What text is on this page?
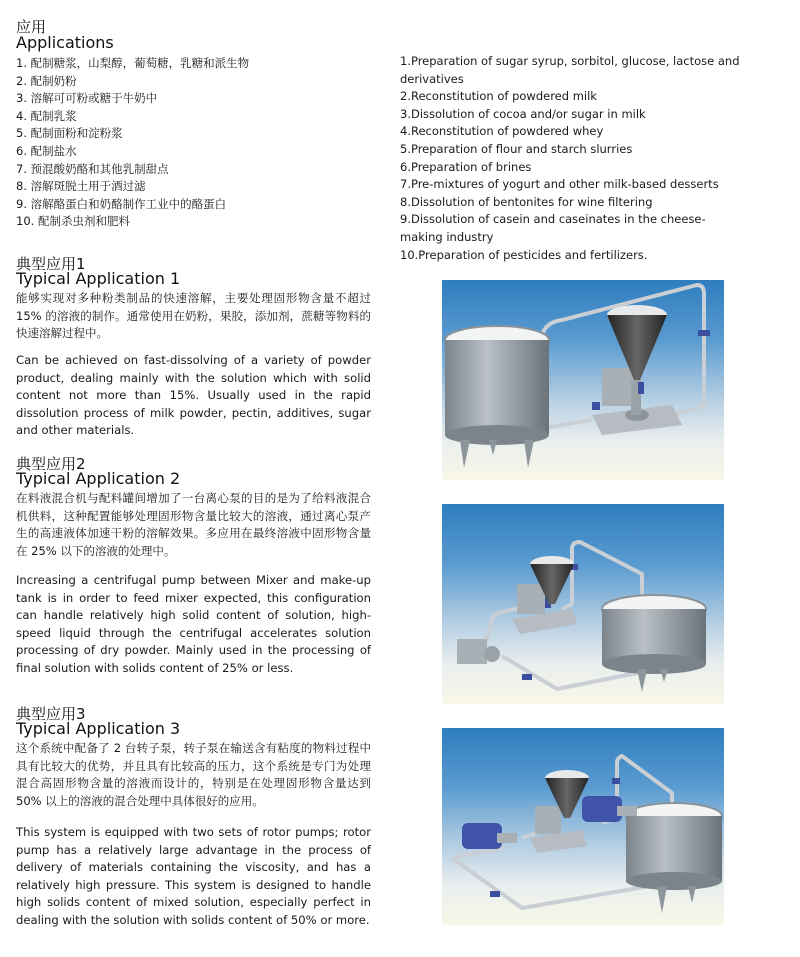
应用
Applications
1. 配制糖浆，山梨醇，葡萄糖，乳糖和派生物
2. 配制奶粉
3. 溶解可可粉或糖于牛奶中
4. 配制乳浆
5. 配制面粉和淀粉浆
6. 配制盐水
7. 预混酸奶酪和其他乳制甜点
8. 溶解斑脱土用于酒过滤
9. 溶解酪蛋白和奶酪制作工业中的酪蛋白
10. 配制杀虫剂和肥料
1.Preparation of sugar syrup, sorbitol, glucose, lactose and derivatives
2.Reconstitution of powdered milk
3.Dissolution of cocoa and/or sugar in milk
4.Reconstitution of powdered whey
5.Preparation of flour and starch slurries
6.Preparation of brines
7.Pre-mixtures of yogurt and other milk-based desserts
8.Dissolution of bentonites for wine filtering
9.Dissolution of casein and caseinates in the cheese-making industry
10.Preparation of pesticides and fertilizers.
典型应用1
Typical Application 1

能够实现对多种粉类制品的快速溶解，主要处理固形物含量不超过 15% 的溶液的制作。通常使用在奶粉，果胶，添加剂，蔗糖等物料的快速溶解过程中。

Can be achieved on fast-dissolving of a variety of powder product, dealing mainly with the solution which with solid content not more than 15%. Usually used in the rapid dissolution process of milk powder, pectin, additives, sugar and other materials.

典型应用2
Typical Application 2

在料液混合机与配料罐间增加了一台离心泵的目的是为了给料液混合机供料，这种配置能够处理固形物含量比较大的溶液，通过离心泵产生的高速液体加速干粉的溶解效果。多应用在最终溶液中固形物含量在 25% 以下的溶液的处理中。

Increasing a centrifugal pump between Mixer and make-up tank is in order to feed mixer expected, this configuration can handle relatively high solid content of solution, high-speed liquid through the centrifugal accelerates solution processing of dry powder. Mainly used in the processing of final solution with solids content of 25% or less.

典型应用3
Typical Application 3

这个系统中配备了 2 台转子泵，转子泵在输送含有粘度的物料过程中具有比较大的优势，并且具有比较高的压力，这个系统是专门为处理混合高固形物含量的溶液而设计的，特别是在处理固形物含量达到 50% 以上的溶液的混合处理中具体很好的应用。

This system is equipped with two sets of rotor pumps; rotor pump has a relatively large advantage in the process of delivery of materials containing the viscosity, and has a relatively high pressure. This system is designed to handle high solids content of mixed solution, especially perfect in dealing with the solution with solids content of 50% or more.
